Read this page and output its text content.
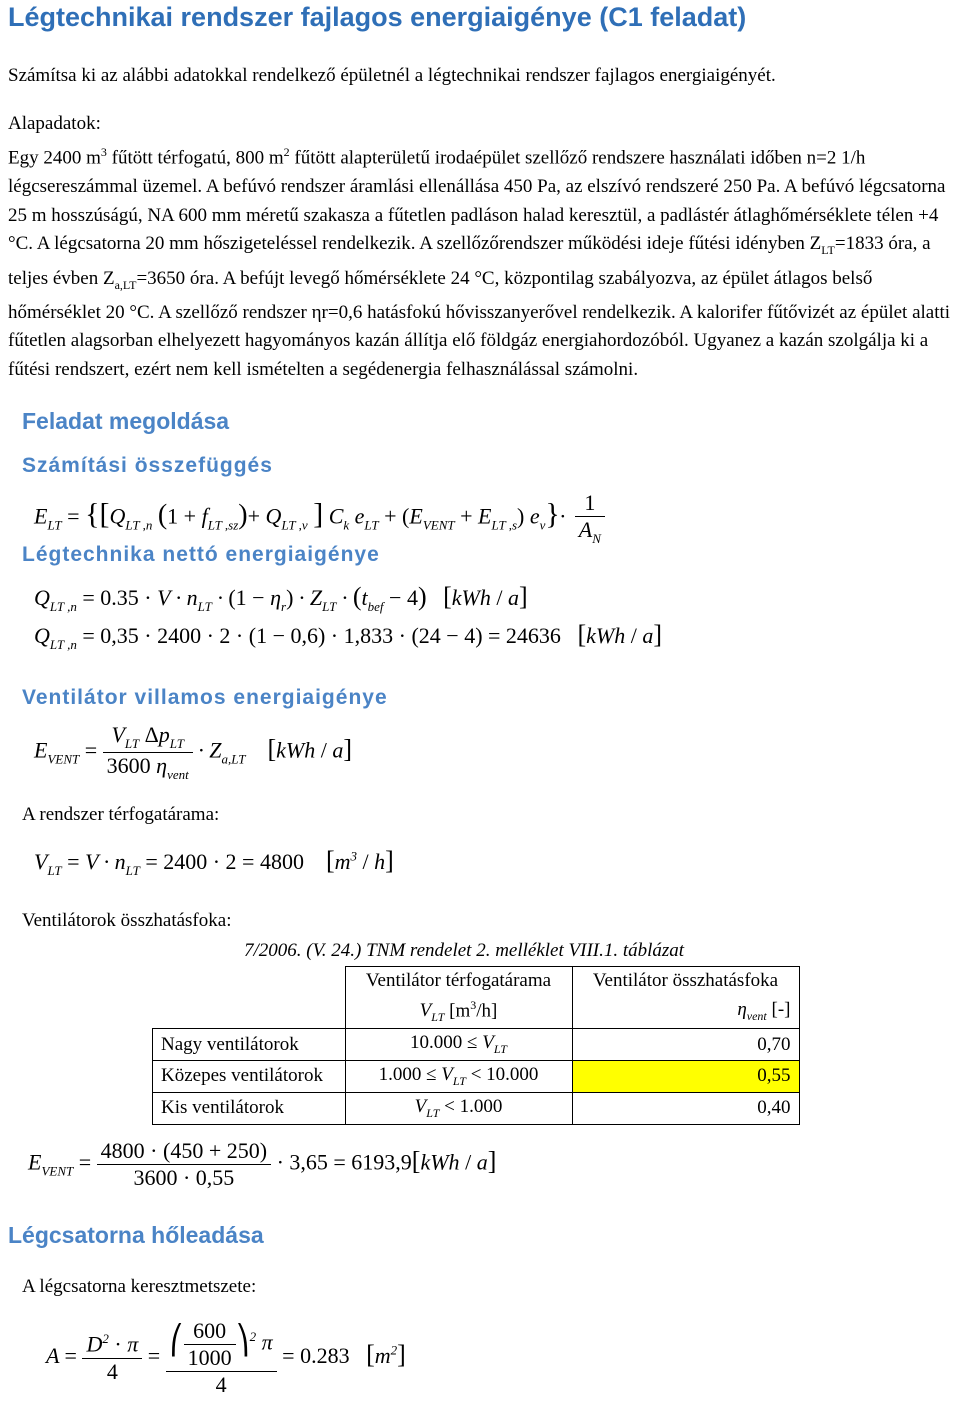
Légtechnikai rendszer fajlagos energiaigénye (C1 feladat)
Számítsa ki az alábbi adatokkal rendelkező épületnél a légtechnikai rendszer fajlagos energiaigényét.
Alapadatok:
Egy 2400 $m^3$ fűtött térfogatú, 800 $m^2$ fűtött alapterületű irodaépület szellőző rendszere használati időben n=2 1/h légcsereszámmal üzemel. A befúvó rendszer áramlási ellenállása 450 Pa, az elszívó rendszeré 250 Pa. A befúvó légcsatorna 25 m hosszúságú, NA 600 mm méretű szakasza a fűtetlen padláson halad keresztül, a padlástér átlaghőmérséklete télen +4 °C. A légcsatorna 20 mm hőszigeteléssel rendelkezik. A szellőzőrendszer működési ideje fűtési idényben $Z_{LT}=1833$ óra, a teljes évben $Z_{a,LT}=3650$ óra. A befújt levegő hőmérséklete 24 °C, központilag szabályozva, az épület átlagos belső hőmérséklet 20 °C. A szellőző rendszer ηr=0,6 hatásfokú hővisszanyerővel rendelkezik. A kalorifer fűtővizét az épület alatti fűtetlen alagsorban elhelyezett hagyományos kazán állítja elő földgáz energiahordozóból. Ugyanez a kazán szolgálja ki a fűtési rendszert, ezért nem kell ismételten a segédenergia felhasználással számolni.
Feladat megoldása
Számítási összefüggés
$E_{LT} = \{[Q_{LT ,n}$ $(1 + f_{LT ,sz})+ Q_{LT ,v}$ ] $C_k$ $e_{LT} + (E_{VENT} + E_{LT ,s})$ $e_v\}\cdot \frac{1}{A_N}$
Légtechnika nettó energiaigénye
$Q_{LT ,n} = 0.35 \cdot V \cdot n_{LT} \cdot (1 - \eta_r) \cdot Z_{LT} \cdot (t_{bef} - 4)$ [kWh / a]
$Q_{LT ,n} = 0,35 \cdot 2400 \cdot 2 \cdot (1 - 0,6) \cdot 1,833 \cdot (24 - 4) = 24636$ [kWh / a]
Ventilátor villamos energiaigénye
$E_{VENT} = \frac{V_{LT} \Delta p_{LT}}{3600 \eta_{vent}} \cdot Z_{a,LT}$ [kWh / a]
A rendszer térfogatárama:
$V_{LT} = V \cdot n_{LT} = 2400 \cdot 2 = 4800$ $[m^3 / h]$
Ventilátorok összhatásfoka:
7/2006. (V. 24.) TNM rendelet 2. melléklet VIII.1. táblázat
	Ventilátor térfogatárama	Ventilátor összhatásfoka
	$V_{LT}$ $[m^3/h]$	$\eta_{vent}$ [-]
Nagy ventilátorok	$10.000 \le V_{LT}$	0,70
Közepes ventilátorok	$1.000 \le V_{LT} < 10.000$	0,55
Kis ventilátorok	$V_{LT} < 1.000$	0,40
$E_{VENT} = \frac{4800 \cdot (450 + 250)}{3600 \cdot 0,55} \cdot 3,65 = 6193,9[kWh / a]$
Légcsatorna hőleadása
A légcsatorna keresztmetszete:
$A = \frac{D^2 \cdot \pi}{4} = \frac{⎛ \frac{600}{1000} ⎞^2 \pi}{4} = 0.283$ $[m^2]$
